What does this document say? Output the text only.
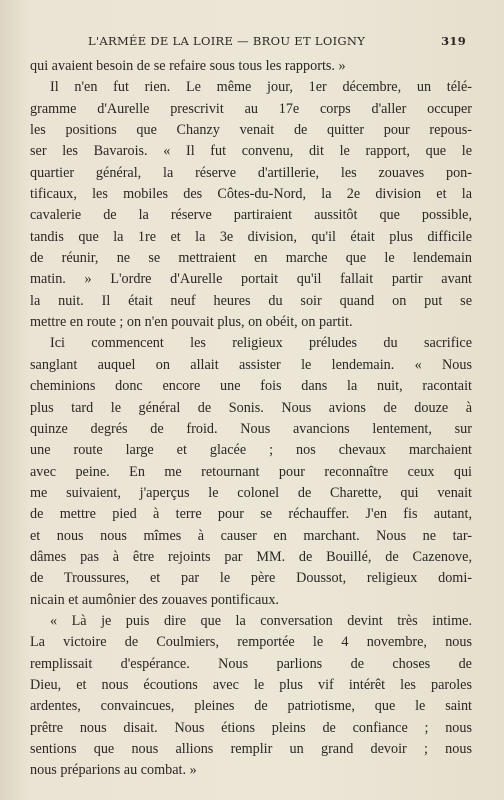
L'ARMÉE DE LA LOIRE — BROU ET LOIGNY	319
qui avaient besoin de se refaire sous tous les rapports. »
Il n'en fut rien. Le même jour, 1er décembre, un télé-
gramme d'Aurelle prescrivit au 17e corps d'aller occuper
les positions que Chanzy venait de quitter pour repous-
ser les Bavarois. « Il fut convenu, dit le rapport, que le
quartier général, la réserve d'artillerie, les zouaves pon-
tificaux, les mobiles des Côtes-du-Nord, la 2e division et la
cavalerie de la réserve partiraient aussitôt que possible,
tandis que la 1re et la 3e division, qu'il était plus difficile
de réunir, ne se mettraient en marche que le lendemain
matin. » L'ordre d'Aurelle portait qu'il fallait partir avant
la nuit. Il était neuf heures du soir quand on put se
mettre en route ; on n'en pouvait plus, on obéit, on partit.
Ici commencent les religieux préludes du sacrifice
sanglant auquel on allait assister le lendemain. « Nous
cheminions donc encore une fois dans la nuit, racontait
plus tard le général de Sonis. Nous avions de douze à
quinze degrés de froid. Nous avancions lentement, sur
une route large et glacée ; nos chevaux marchaient
avec peine. En me retournant pour reconnaître ceux qui
me suivaient, j'aperçus le colonel de Charette, qui venait
de mettre pied à terre pour se réchauffer. J'en fis autant,
et nous nous mîmes à causer en marchant. Nous ne tar-
dâmes pas à être rejoints par MM. de Bouillé, de Cazenove,
de Troussures, et par le père Doussot, religieux domi-
nicain et aumônier des zouaves pontificaux.
« Là je puis dire que la conversation devint très intime.
La victoire de Coulmiers, remportée le 4 novembre, nous
remplissait d'espérance. Nous parlions de choses de
Dieu, et nous écoutions avec le plus vif intérêt les paroles
ardentes, convaincues, pleines de patriotisme, que le saint
prêtre nous disait. Nous étions pleins de confiance ; nous
sentions que nous allions remplir un grand devoir ; nous
nous préparions au combat. »
